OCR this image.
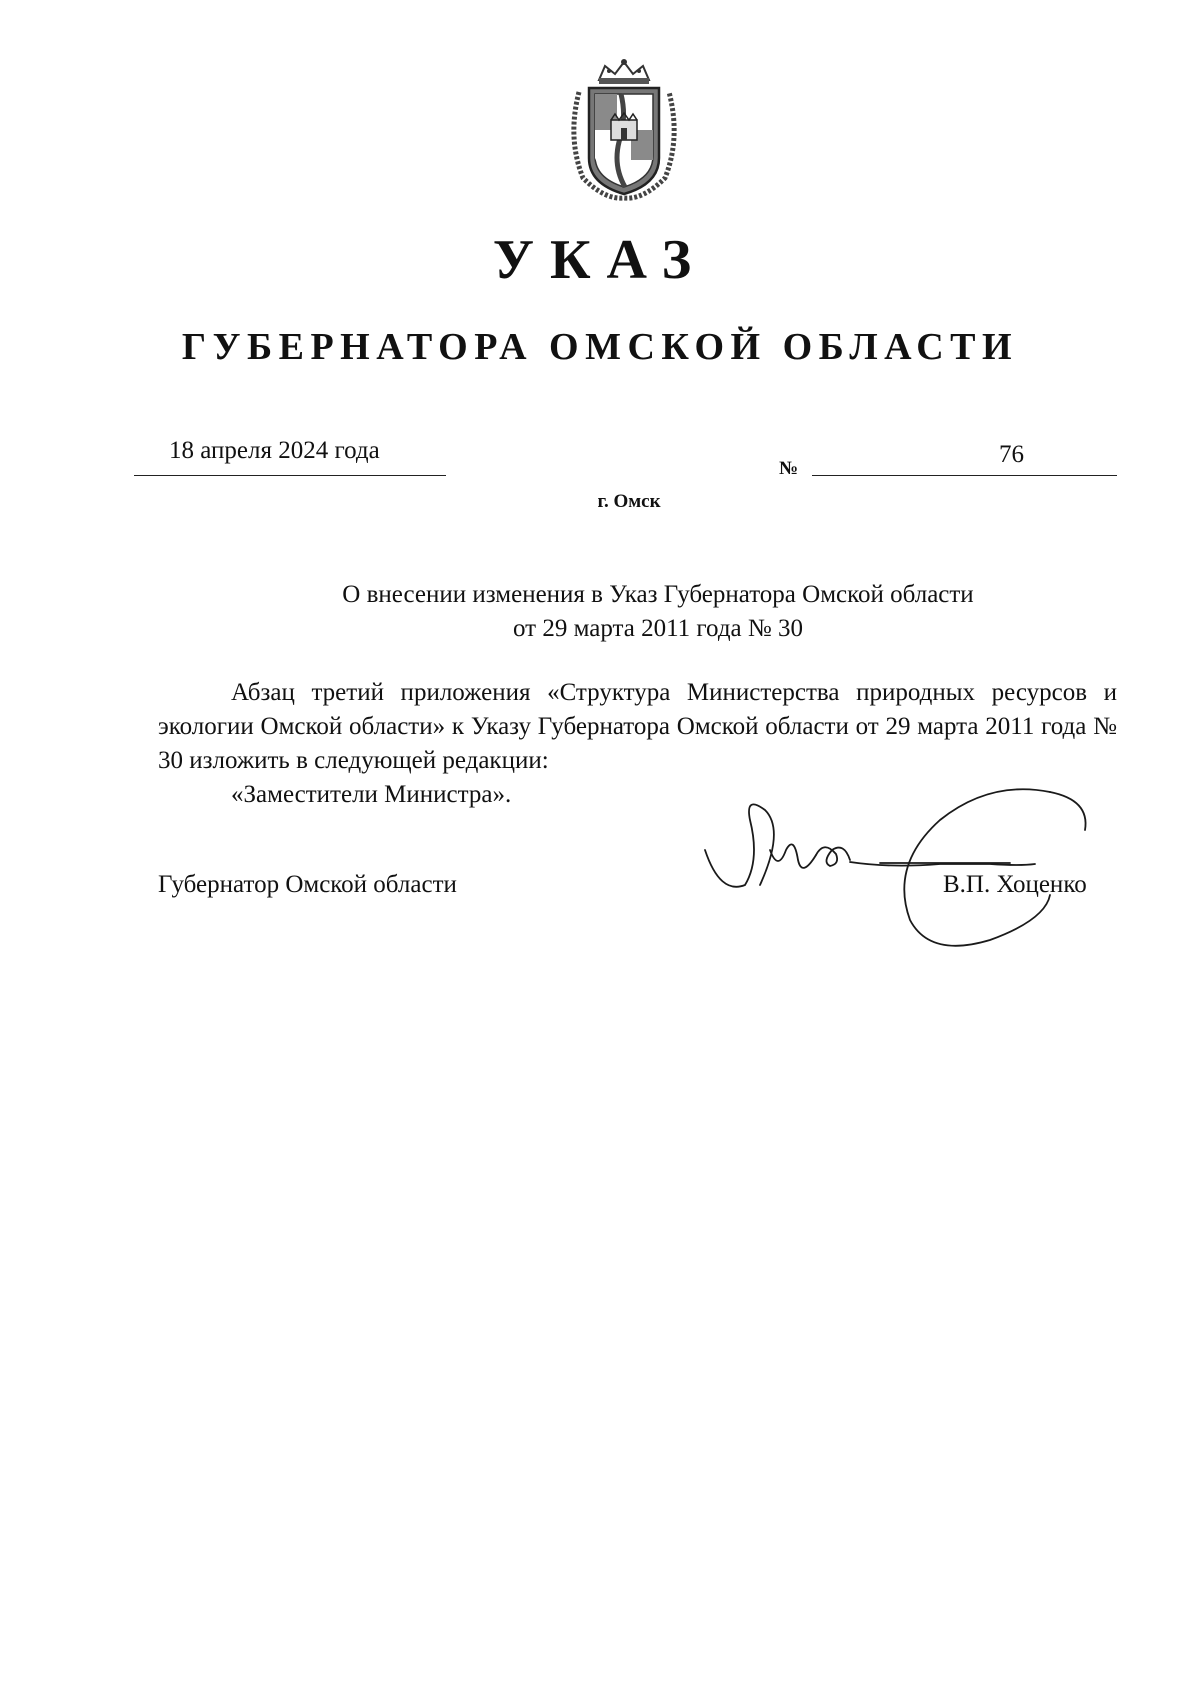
УКАЗ
ГУБЕРНАТОРА ОМСКОЙ ОБЛАСТИ
18 апреля 2024 года
№
76
г. Омск
О внесении изменения в Указ Губернатора Омской области
от 29 марта 2011 года № 30

Абзац третий приложения «Структура Министерства природных ресурсов и экологии Омской области» к Указу Губернатора Омской области от 29 марта 2011 года № 30 изложить в следующей редакции:

«Заместители Министра».

Губернатор Омской области	В.П. Хоценко
